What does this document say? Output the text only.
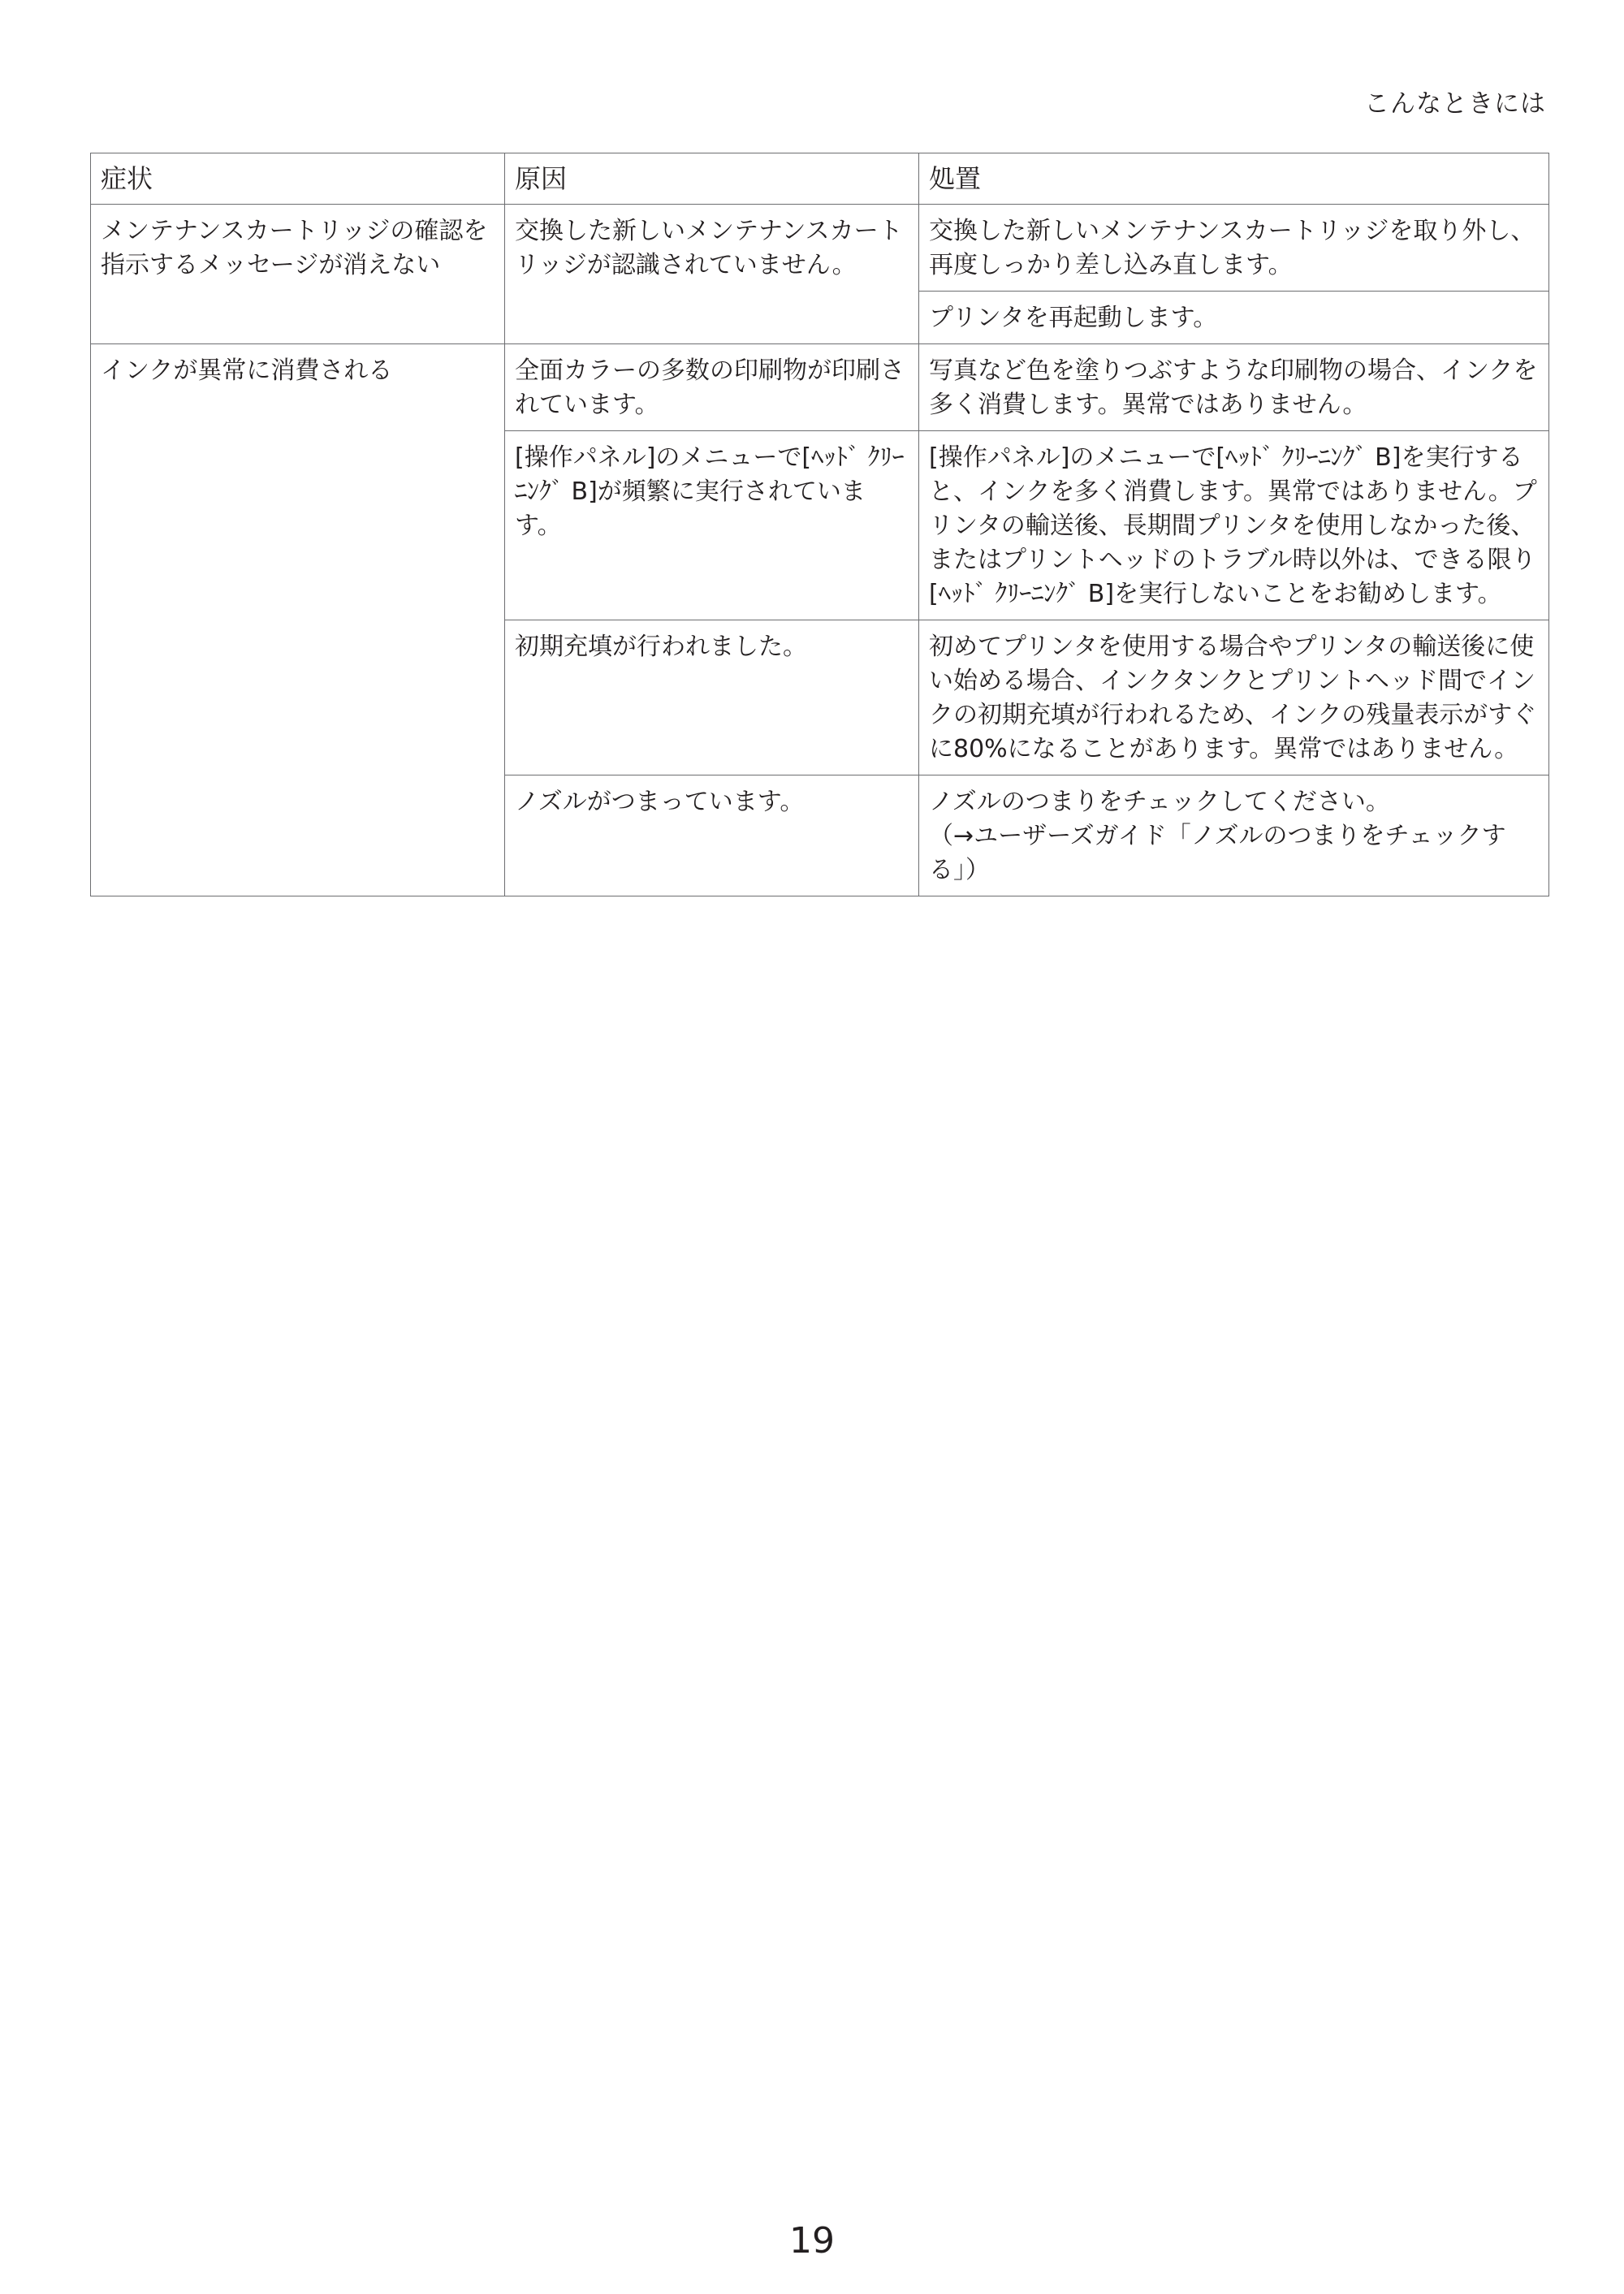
こんなときには
症状	原因	処置
メンテナンスカートリッジの確認を指示するメッセージが消えない	交換した新しいメンテナンスカートリッジが認識されていません。	交換した新しいメンテナンスカートリッジを取り外し、再度しっかり差し込み直します。
		プリンタを再起動します。
インクが異常に消費される	全面カラーの多数の印刷物が印刷されています。	写真など色を塗りつぶすような印刷物の場合、インクを多く消費します。異常ではありません。
	[操作パネル]のメニューで[ﾍｯﾄﾞ ｸﾘｰﾆﾝｸﾞ B]が頻繁に実行されています。	[操作パネル]のメニューで[ﾍｯﾄﾞ ｸﾘｰﾆﾝｸﾞ B]を実行すると、インクを多く消費します。異常ではありません。プリンタの輸送後、長期間プリンタを使用しなかった後、またはプリントヘッドのトラブル時以外は、できる限り[ﾍｯﾄﾞ ｸﾘｰﾆﾝｸﾞ B]を実行しないことをお勧めします。
	初期充填が行われました。	初めてプリンタを使用する場合やプリンタの輸送後に使い始める場合、インクタンクとプリントヘッド間でインクの初期充填が行われるため、インクの残量表示がすぐに80%になることがあります。異常ではありません。
	ノズルがつまっています。	ノズルのつまりをチェックしてください。
（→ユーザーズガイド「ノズルのつまりをチェックする」）
19
